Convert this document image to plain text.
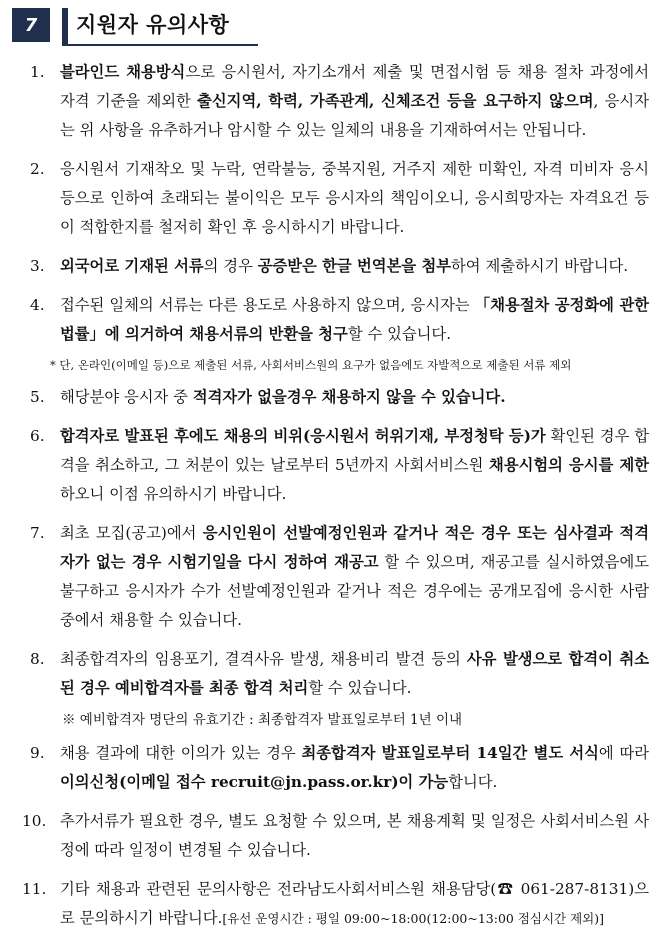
7	지원자 유의사항
1. 블라인드 채용방식으로 응시원서, 자기소개서 제출 및 면접시험 등 채용 절차 과정에서 자격 기준을 제외한 출신지역, 학력, 가족관계, 신체조건 등을 요구하지 않으며, 응시자는 위 사항을 유추하거나 암시할 수 있는 일체의 내용을 기재하여서는 안됩니다.
2. 응시원서 기재착오 및 누락, 연락불능, 중복지원, 거주지 제한 미확인, 자격 미비자 응시 등으로 인하여 초래되는 불이익은 모두 응시자의 책임이오니, 응시희망자는 자격요건 등이 적합한지를 철저히 확인 후 응시하시기 바랍니다.
3. 외국어로 기재된 서류의 경우 공증받은 한글 번역본을 첨부하여 제출하시기 바랍니다.
4. 접수된 일체의 서류는 다른 용도로 사용하지 않으며, 응시자는 「채용절차 공정화에 관한 법률」에 의거하여 채용서류의 반환을 청구할 수 있습니다.
* 단, 온라인(이메일 등)으로 제출된 서류, 사회서비스원의 요구가 없음에도 자발적으로 제출된 서류 제외
5. 해당분야 응시자 중 적격자가 없을경우 채용하지 않을 수 있습니다.
6. 합격자로 발표된 후에도 채용의 비위(응시원서 허위기재, 부정청탁 등)가 확인된 경우 합격을 취소하고, 그 처분이 있는 날로부터 5년까지 사회서비스원 채용시험의 응시를 제한하오니 이점 유의하시기 바랍니다.
7. 최초 모집(공고)에서 응시인원이 선발예정인원과 같거나 적은 경우 또는 심사결과 적격자가 없는 경우 시험기일을 다시 정하여 재공고 할 수 있으며, 재공고를 실시하였음에도 불구하고 응시자가 수가 선발예정인원과 같거나 적은 경우에는 공개모집에 응시한 사람 중에서 채용할 수 있습니다.
8. 최종합격자의 임용포기, 결격사유 발생, 채용비리 발견 등의 사유 발생으로 합격이 취소된 경우 예비합격자를 최종 합격 처리할 수 있습니다.
※ 예비합격자 명단의 유효기간 : 최종합격자 발표일로부터 1년 이내
9. 채용 결과에 대한 이의가 있는 경우 최종합격자 발표일로부터 14일간 별도 서식에 따라 이의신청(이메일 접수 recruit@jn.pass.or.kr)이 가능합니다.
10. 추가서류가 필요한 경우, 별도 요청할 수 있으며, 본 채용계획 및 일정은 사회서비스원 사정에 따라 일정이 변경될 수 있습니다.
11. 기타 채용과 관련된 문의사항은 전라남도사회서비스원 채용담당(☎ 061-287-8131)으로 문의하시기 바랍니다.[유선 운영시간 : 평일 09:00~18:00(12:00~13:00 점심시간 제외)]
